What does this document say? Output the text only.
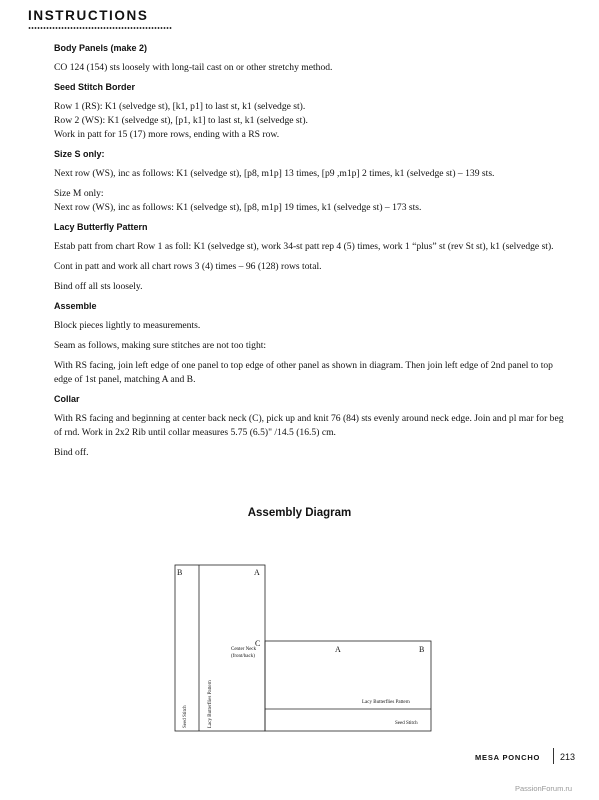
INSTRUCTIONS
Body Panels (make 2)
CO 124 (154) sts loosely with long-tail cast on or other stretchy method.
Seed Stitch Border
Row 1 (RS): K1 (selvedge st), [k1, p1] to last st, k1 (selvedge st).
Row 2 (WS): K1 (selvedge st), [p1, k1] to last st, k1 (selvedge st).
Work in patt for 15 (17) more rows, ending with a RS row.
Size S only:
Next row (WS), inc as follows: K1 (selvedge st), [p8, m1p] 13 times, [p9 ,m1p] 2 times, k1 (selvedge st) – 139 sts.
Size M only:
Next row (WS), inc as follows: K1 (selvedge st), [p8, m1p] 19 times, k1 (selvedge st) – 173 sts.
Lacy Butterfly Pattern
Estab patt from chart Row 1 as foll: K1 (selvedge st), work 34-st patt rep 4 (5) times, work 1 “plus” st (rev St st), k1 (selvedge st).
Cont in patt and work all chart rows 3 (4) times – 96 (128) rows total.
Bind off all sts loosely.
Assemble
Block pieces lightly to measurements.
Seam as follows, making sure stitches are not too tight:
With RS facing, join left edge of one panel to top edge of other panel as shown in diagram. Then join left edge of 2nd panel to top edge of 1st panel, matching A and B.
Collar
With RS facing and beginning at center back neck (C), pick up and knit 76 (84) sts evenly around neck edge. Join and pl mar for beg of rnd. Work in 2x2 Rib until collar measures 5.75 (6.5)" /14.5 (16.5) cm.
Bind off.
Assembly Diagram
B	A
C
A	B
Center Neck
(front/back)
Lacy Butterflies Pattern
Seed Stitch
Seed Stitch	Lacy Butterflies Pattern
MESA PONCHO 213
PassionForum.ru
